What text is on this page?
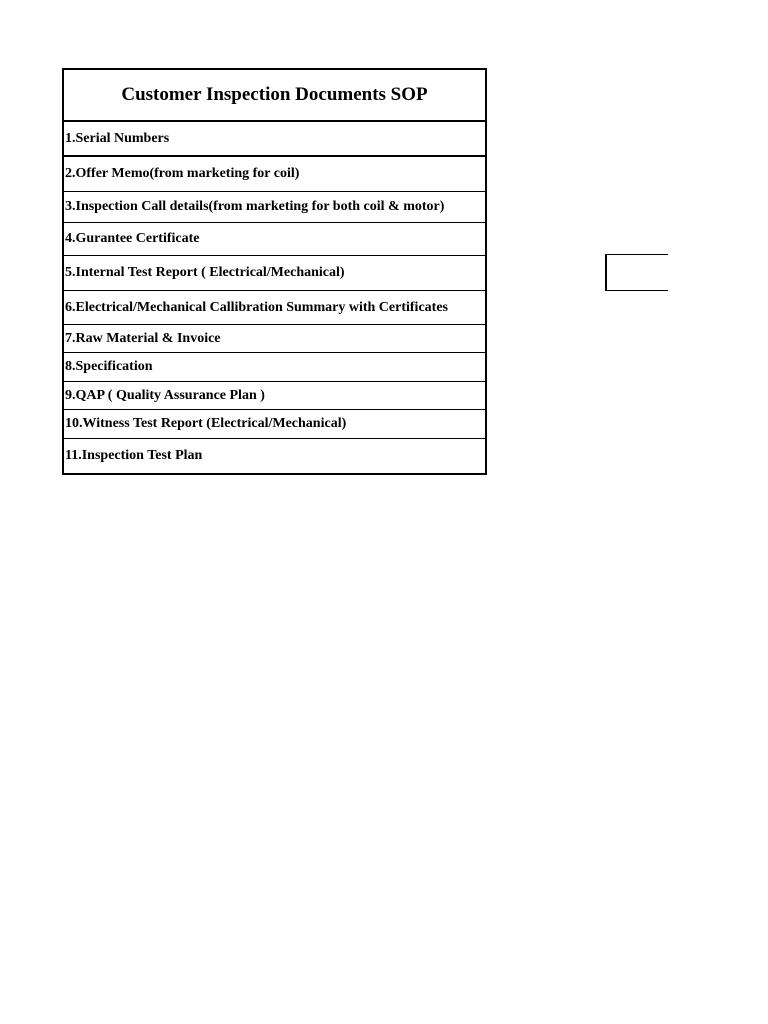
Customer Inspection Documents SOP
1.Serial Numbers
2.Offer Memo(from marketing for coil)
3.Inspection Call details(from marketing for both coil & motor)
4.Gurantee Certificate
5.Internal Test Report ( Electrical/Mechanical)
6.Electrical/Mechanical Callibration Summary with Certificates
7.Raw Material & Invoice
8.Specification
9.QAP ( Quality Assurance Plan )
10.Witness Test Report (Electrical/Mechanical)
11.Inspection Test Plan
